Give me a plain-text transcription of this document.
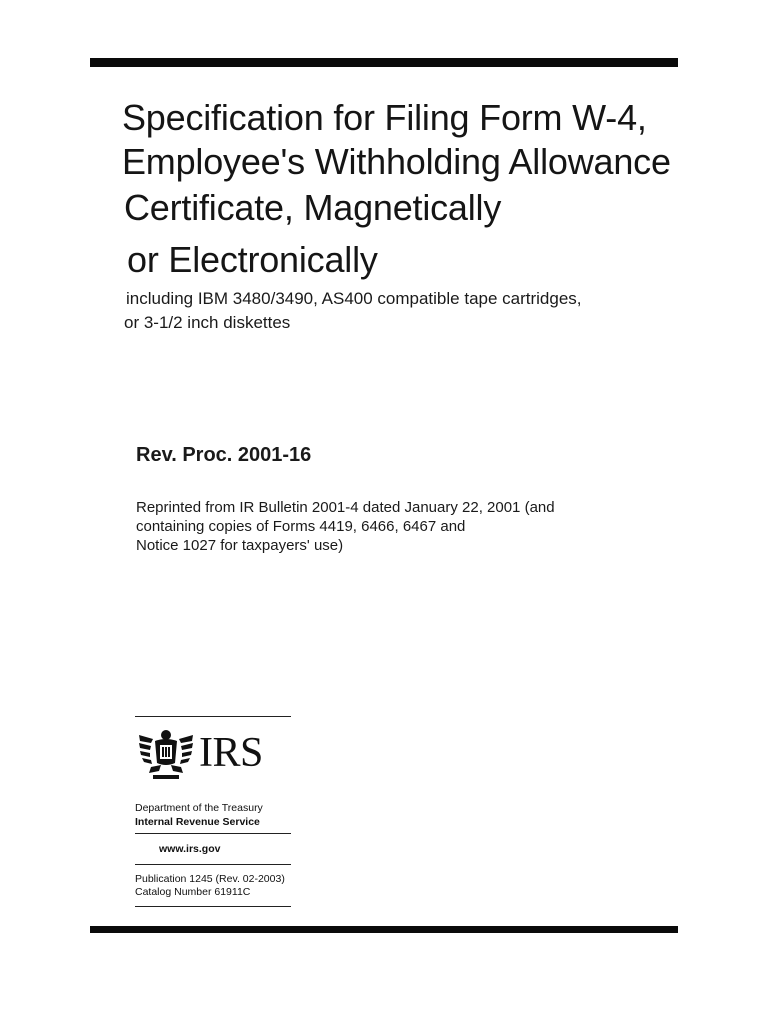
Specification for Filing Form W-4,
Employee's Withholding Allowance
Certificate, Magnetically
or Electronically
including IBM 3480/3490, AS400 compatible tape cartridges,
or 3-1/2 inch diskettes
Rev. Proc. 2001-16
Reprinted from IR Bulletin 2001-4 dated January 22, 2001 (and
containing copies of Forms 4419, 6466, 6467 and
Notice 1027 for taxpayers' use)
IRS
Department of the Treasury
Internal Revenue Service
www.irs.gov
Publication 1245 (Rev. 02-2003)
Catalog Number 61911C
